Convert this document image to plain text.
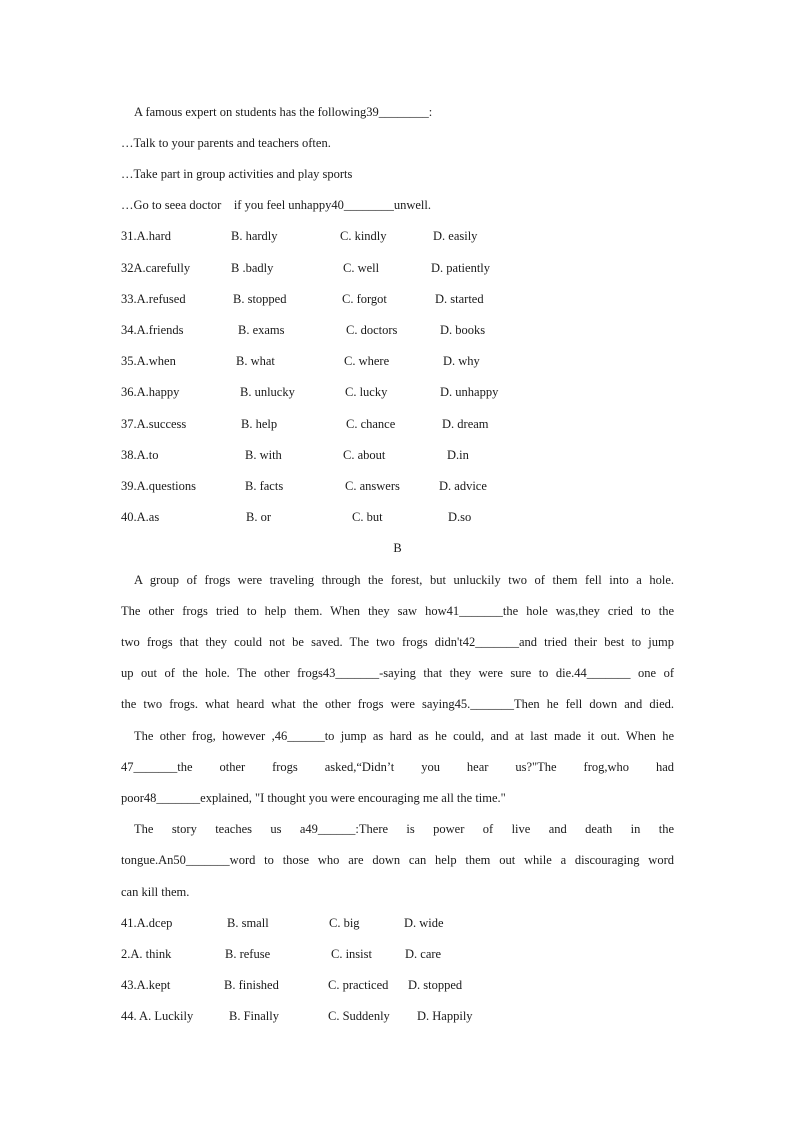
A famous expert on students has the following39________:
…Talk to your parents and teachers often.
…Take part in group activities and play sports
…Go to seea doctor　if you feel unhappy40________unwell.
31.A.hard	B. hardly	C. kindly	D. easily
32A.carefully	B .badly	C. well	D. patiently
33.A.refused	B. stopped	C. forgot	D. started
34.A.friends	B. exams	C. doctors	D. books
35.A.when	B. what	C. where	D. why
36.A.happy	B. unlucky	C. lucky	D. unhappy
37.A.success	B. help	C. chance	D. dream
38.A.to	B. with	C. about	D.in
39.A.questions	B. facts	C. answers	D. advice
40.A.as	B. or	C. but	D.so
B
A group of frogs were traveling through the forest, but unluckily two of them fell into a hole.
The other frogs tried to help them. When they saw how41_______the hole was,they cried to the
two frogs that they could not be saved. The two frogs didn't42_______and tried their best to jump
up out of the hole. The other frogs43_______-saying that they were sure to die.44_______ one of
the two frogs. what heard what the other frogs were saying45._______Then he fell down and died.
The other frog, however ,46______to jump as hard as he could, and at last made it out. When he
47_______the other frogs asked,“Didn’t you hear us?"The frog,who had
poor48_______explained, "I thought you were encouraging me all the time."
The story teaches us a49______:There is power of live and death in the
tongue.An50_______word to those who are down can help them out while a discouraging word
can kill them.
41.A.dcep	B. small	C. big	D. wide
2.A. think	B. refuse	C. insist	D. care
43.A.kept	B. finished	C. practiced D. stopped
44. A. Luckily	B. Finally	C. Suddenly D. Happily
